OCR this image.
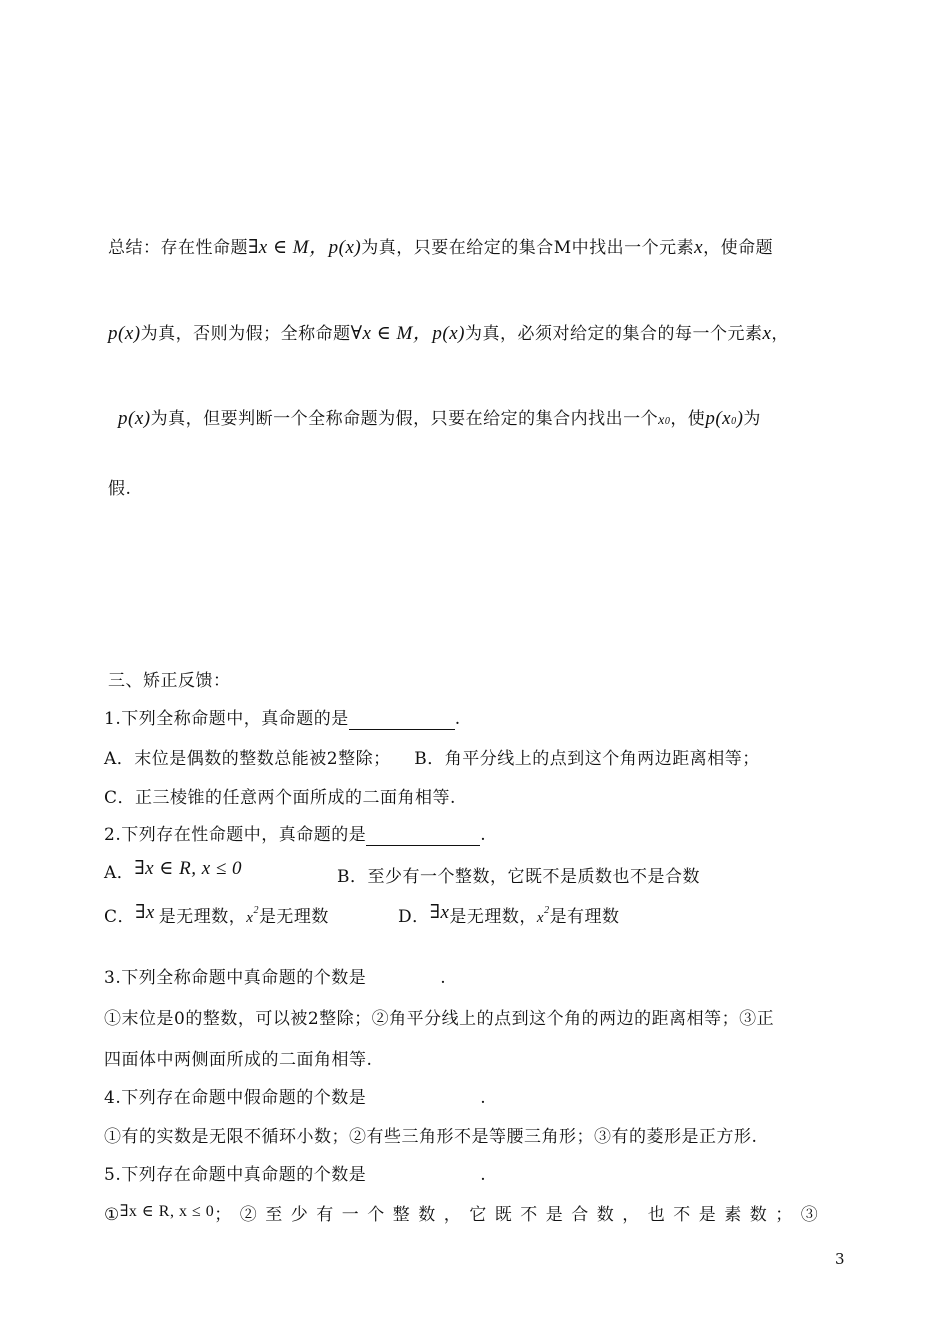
总结：存在性命题∃x ∈ M，p(x)为真，只要在给定的集合M中找出一个元素x，使命题
p(x)为真，否则为假；全称命题∀x ∈ M，p(x)为真，必须对给定的集合的每一个元素x，
p(x)为真，但要判断一个全称命题为假，只要在给定的集合内找出一个x0，使p(x0)为
假.
三、矫正反馈：
1.下列全称命题中，真命题的是	.
A．末位是偶数的整数总能被2整除；    B．角平分线上的点到这个角两边距离相等；
C．正三棱锥的任意两个面所成的二面角相等.
2.下列存在性命题中，真命题的是	.
A．∃x ∈ R, x ≤ 0	B．至少有一个整数，它既不是质数也不是合数
C．∃x 是无理数，$x^2$是无理数	D．∃x是无理数，$x^2$是有理数
3.下列全称命题中真命题的个数是	.
①末位是0的整数，可以被2整除；②角平分线上的点到这个角的两边的距离相等；③正
四面体中两侧面所成的二面角相等.
4.下列存在命题中假命题的个数是	.
①有的实数是无限不循环小数；②有些三角形不是等腰三角形；③有的菱形是正方形.
5.下列存在命题中真命题的个数是	.
①∃x ∈ R, x ≤ 0；②至少有一个整数，它既不是合数，也不是素数；③
3
